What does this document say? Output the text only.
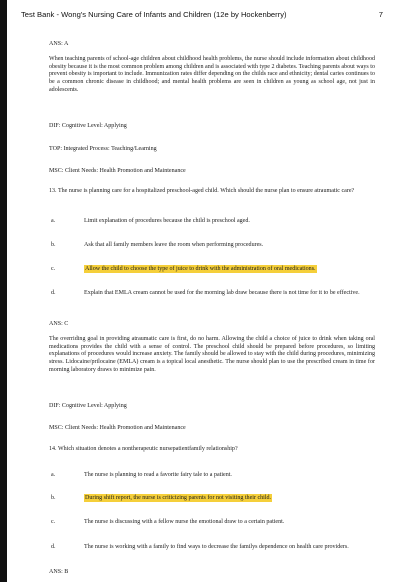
Test Bank - Wong's Nursing Care of Infants and Children (12e by Hockenberry)	7
ANS: A
When teaching parents of school-age children about childhood health problems, the nurse should include information about childhood obesity because it is the most common problem among children and is associated with type 2 diabetes. Teaching parents about ways to prevent obesity is important to include. Immunization rates differ depending on the childs race and ethnicity; dental caries continues to be a common chronic disease in childhood; and mental health problems are seen in children as young as school age, not just in adolescents.
DIF: Cognitive Level: Applying
TOP: Integrated Process: Teaching/Learning
MSC: Client Needs: Health Promotion and Maintenance
13. The nurse is planning care for a hospitalized preschool-aged child. Which should the nurse plan to ensure atraumatic care?
a.	Limit explanation of procedures because the child is preschool aged.
b.	Ask that all family members leave the room when performing procedures.
c.	Allow the child to choose the type of juice to drink with the administration of oral medications.
d.	Explain that EMLA cream cannot be used for the morning lab draw because there is not time for it to be effective.
ANS: C
The overriding goal in providing atraumatic care is first, do no harm. Allowing the child a choice of juice to drink when taking oral medications provides the child with a sense of control. The preschool child should be prepared before procedures, so limiting explanations of procedures would increase anxiety. The family should be allowed to stay with the child during procedures, minimizing stress. Lidocaine/prilocaine (EMLA) cream is a topical local anesthetic. The nurse should plan to use the prescribed cream in time for morning laboratory draws to minimize pain.
DIF: Cognitive Level: Applying
MSC: Client Needs: Health Promotion and Maintenance
14. Which situation denotes a nontherapeutic nursepatientfamily relationship?
a.	The nurse is planning to read a favorite fairy tale to a patient.
b.	During shift report, the nurse is criticizing parents for not visiting their child.
c.	The nurse is discussing with a fellow nurse the emotional draw to a certain patient.
d.	The nurse is working with a family to find ways to decrease the familys dependence on health care providers.
ANS: B
